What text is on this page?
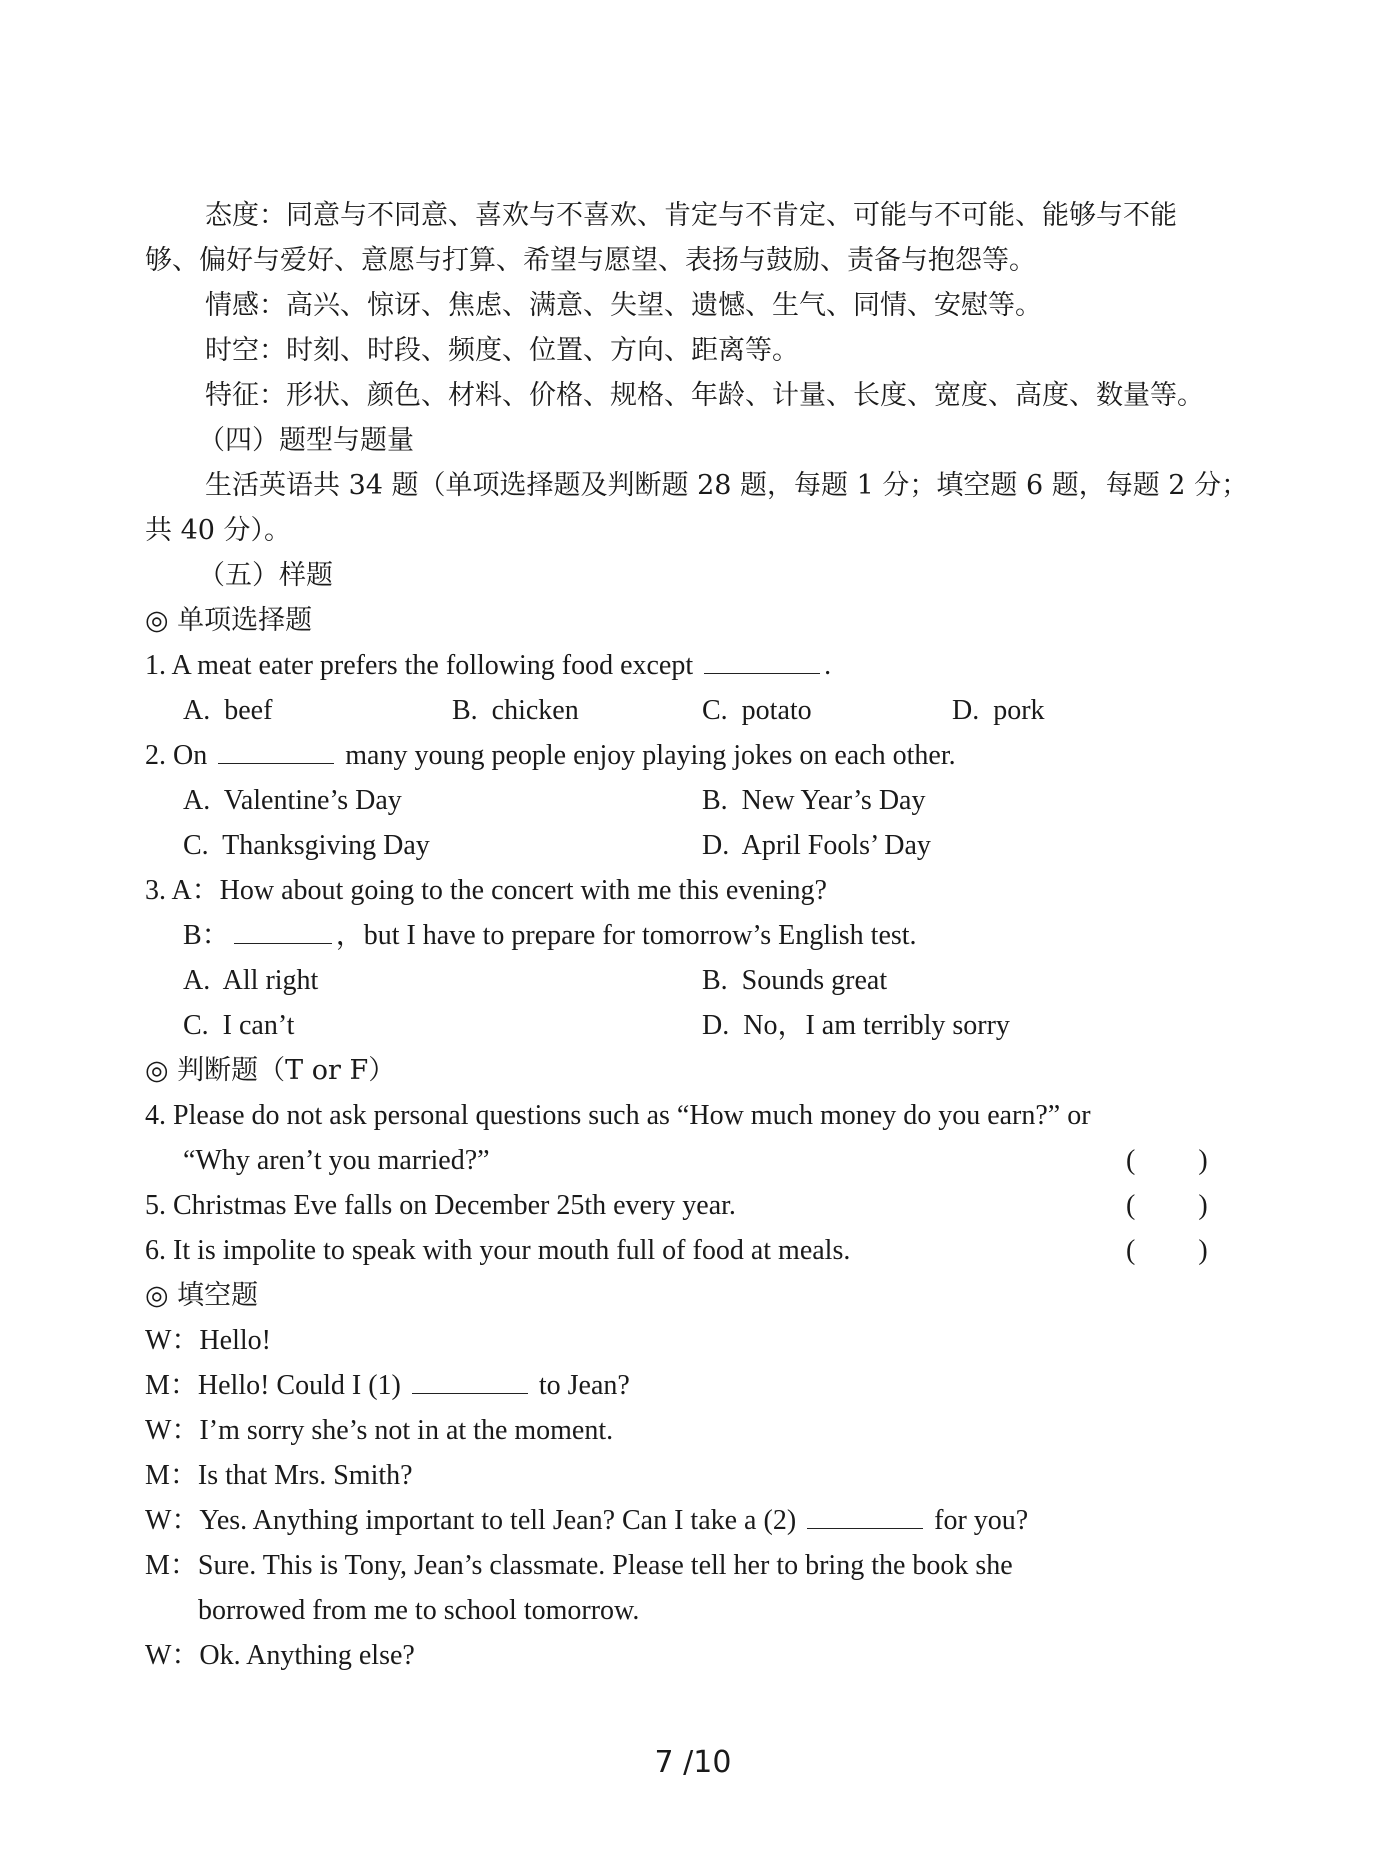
态度：同意与不同意、喜欢与不喜欢、肯定与不肯定、可能与不可能、能够与不能
够、偏好与爱好、意愿与打算、希望与愿望、表扬与鼓励、责备与抱怨等。
情感：高兴、惊讶、焦虑、满意、失望、遗憾、生气、同情、安慰等。
时空：时刻、时段、频度、位置、方向、距离等。
特征：形状、颜色、材料、价格、规格、年龄、计量、长度、宽度、高度、数量等。
（四）题型与题量
生活英语共 34 题（单项选择题及判断题 28 题，每题 1 分；填空题 6 题，每题 2 分；
共 40 分）。
（五）样题
◎ 单项选择题
1. A meat eater prefers the following food except	.
A.  beef	B.  chicken	C.  potato	D.  pork
2. On	many young people enjoy playing jokes on each other.
A.  Valentine’s Day	B.  New Year’s Day
C.  Thanksgiving Day	D.  April Fools’ Day
3. A：How about going to the concert with me this evening?
B：	，but I have to prepare for tomorrow’s English test.
A.  All right	B.  Sounds great
C.  I can’t	D.  No，I am terribly sorry
◎ 判断题（T or F）
4. Please do not ask personal questions such as “How much money do you earn?” or
“Why aren’t you married?”	(         )
5. Christmas Eve falls on December 25th every year.	(         )
6. It is impolite to speak with your mouth full of food at meals.	(         )
◎ 填空题
W：Hello!
M：Hello! Could I (1)	to Jean?
W：I’m sorry she’s not in at the moment.
M：Is that Mrs. Smith?
W：Yes. Anything important to tell Jean? Can I take a (2)	for you?
M：Sure. This is Tony, Jean’s classmate. Please tell her to bring the book she
borrowed from me to school tomorrow.
W：Ok. Anything else?
7 /10
